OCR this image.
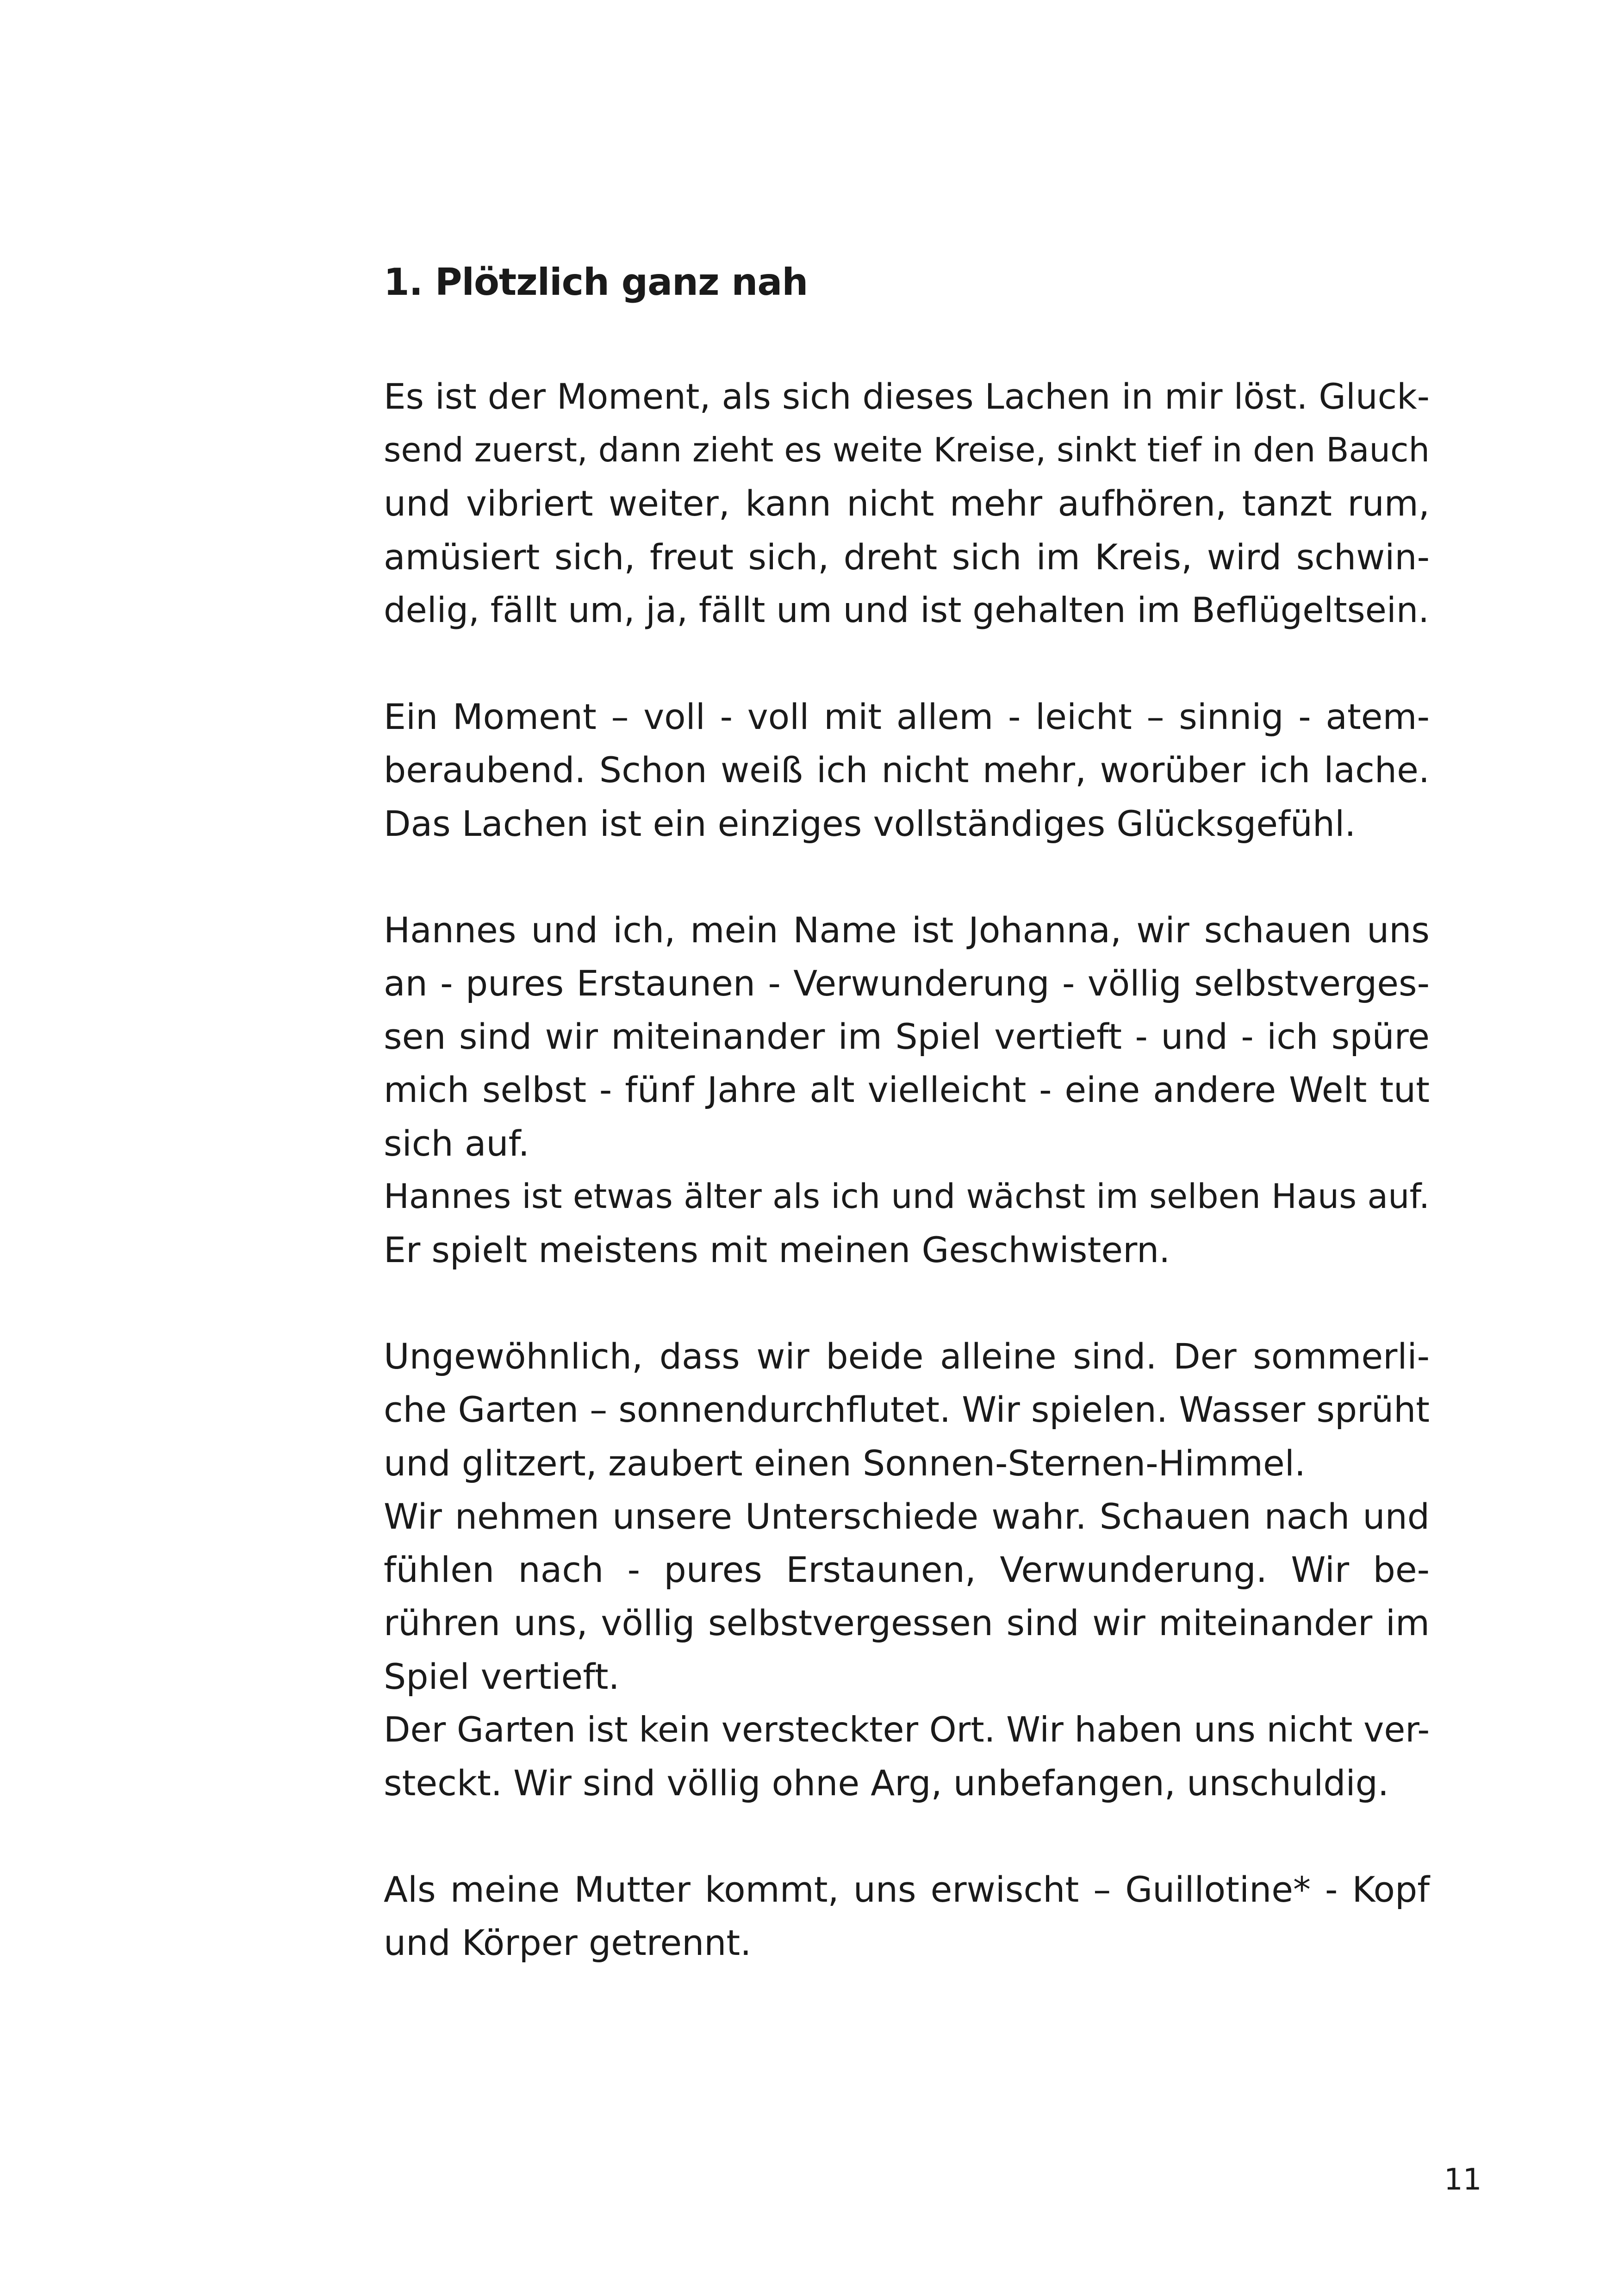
1. Plötzlich ganz nah

Es ist der Moment, als sich dieses Lachen in mir löst. Gluck-
send zuerst, dann zieht es weite Kreise, sinkt tief in den Bauch
und vibriert weiter, kann nicht mehr aufhören, tanzt rum,
amüsiert sich, freut sich, dreht sich im Kreis, wird schwin-
delig, fällt um, ja, fällt um und ist gehalten im Beflügeltsein.

Ein Moment – voll - voll mit allem - leicht – sinnig - atem-
beraubend. Schon weiß ich nicht mehr, worüber ich lache.
Das Lachen ist ein einziges vollständiges Glücksgefühl.

Hannes und ich, mein Name ist Johanna, wir schauen uns
an - pures Erstaunen - Verwunderung - völlig selbstverges-
sen sind wir miteinander im Spiel vertieft - und - ich spüre
mich selbst - fünf Jahre alt vielleicht - eine andere Welt tut
sich auf.
Hannes ist etwas älter als ich und wächst im selben Haus auf.
Er spielt meistens mit meinen Geschwistern.

Ungewöhnlich, dass wir beide alleine sind. Der sommerli-
che Garten – sonnendurchflutet. Wir spielen. Wasser sprüht
und glitzert, zaubert einen Sonnen-Sternen-Himmel.
Wir nehmen unsere Unterschiede wahr. Schauen nach und
fühlen nach - pures Erstaunen, Verwunderung. Wir be-
rühren uns, völlig selbstvergessen sind wir miteinander im
Spiel vertieft.
Der Garten ist kein versteckter Ort. Wir haben uns nicht ver-
steckt. Wir sind völlig ohne Arg, unbefangen, unschuldig.

Als meine Mutter kommt, uns erwischt – Guillotine* - Kopf
und Körper getrennt.

11
